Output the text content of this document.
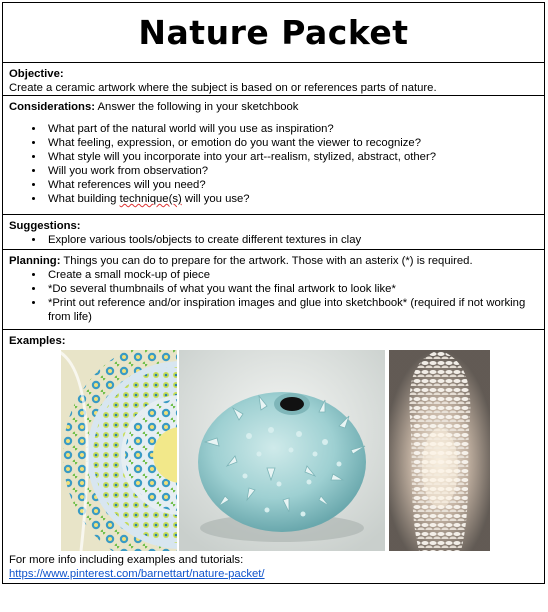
Nature Packet
Objective:
Create a ceramic artwork where the subject is based on or references parts of nature.
Considerations: Answer the following in your sketchbook
• What part of the natural world will you use as inspiration?
• What feeling, expression, or emotion do you want the viewer to recognize?
• What style will you incorporate into your art--realism, stylized, abstract, other?
• Will you work from observation?
• What references will you need?
• What building technique(s) will you use?
Suggestions:
• Explore various tools/objects to create different textures in clay
Planning: Things you can do to prepare for the artwork. Those with an asterix (*) is required.
• Create a small mock-up of piece
• *Do several thumbnails of what you want the final artwork to look like*
• *Print out reference and/or inspiration images and glue into sketchbook* (required if not working from life)
Examples:
For more info including examples and tutorials:
https://www.pinterest.com/barnettart/nature-packet/
